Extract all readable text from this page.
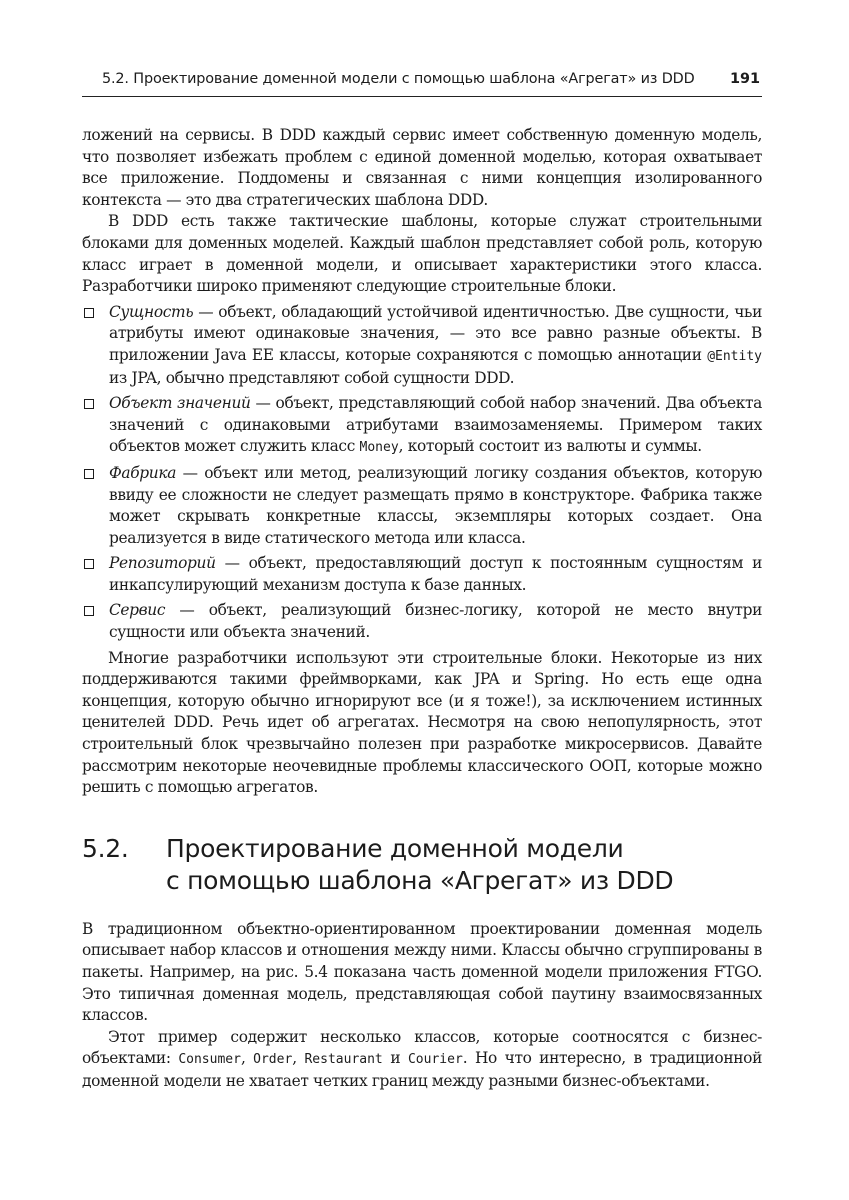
5.2. Проектирование доменной модели с помощью шаблона «Агрегат» из DDD 191

ложений на сервисы. В DDD каждый сервис имеет собственную доменную модель, что позволяет избежать проблем с единой доменной моделью, которая охватывает все приложение. Поддомены и связанная с ними концепция изолированного контекста — это два стратегических шаблона DDD.

В DDD есть также тактические шаблоны, которые служат строительными блоками для доменных моделей. Каждый шаблон представляет собой роль, которую класс играет в доменной модели, и описывает характеристики этого класса. Разработчики широко применяют следующие строительные блоки.

Сущность — объект, обладающий устойчивой идентичностью. Две сущности, чьи атрибуты имеют одинаковые значения, — это все равно разные объекты. В приложении Java EE классы, которые сохраняются с помощью аннотации @Entity из JPA, обычно представляют собой сущности DDD.
Объект значений — объект, представляющий собой набор значений. Два объекта значений с одинаковыми атрибутами взаимозаменяемы. Примером таких объектов может служить класс Money, который состоит из валюты и суммы.
Фабрика — объект или метод, реализующий логику создания объектов, которую ввиду ее сложности не следует размещать прямо в конструкторе. Фабрика также может скрывать конкретные классы, экземпляры которых создает. Она реализуется в виде статического метода или класса.
Репозиторий — объект, предоставляющий доступ к постоянным сущностям и инкапсулирующий механизм доступа к базе данных.
Сервис — объект, реализующий бизнес-логику, которой не место внутри сущности или объекта значений.

Многие разработчики используют эти строительные блоки. Некоторые из них поддерживаются такими фреймворками, как JPA и Spring. Но есть еще одна концепция, которую обычно игнорируют все (и я тоже!), за исключением истинных ценителей DDD. Речь идет об агрегатах. Несмотря на свою непопулярность, этот строительный блок чрезвычайно полезен при разработке микросервисов. Давайте рассмотрим некоторые неочевидные проблемы классического ООП, которые можно решить с помощью агрегатов.

5.2. Проектирование доменной модели
с помощью шаблона «Агрегат» из DDD

В традиционном объектно-ориентированном проектировании доменная модель описывает набор классов и отношения между ними. Классы обычно сгруппированы в пакеты. Например, на рис. 5.4 показана часть доменной модели приложения FTGO. Это типичная доменная модель, представляющая собой паутину взаимосвязанных классов.

Этот пример содержит несколько классов, которые соотносятся с бизнес-объектами: Consumer, Order, Restaurant и Courier. Но что интересно, в традиционной доменной модели не хватает четких границ между разными бизнес-объектами.
